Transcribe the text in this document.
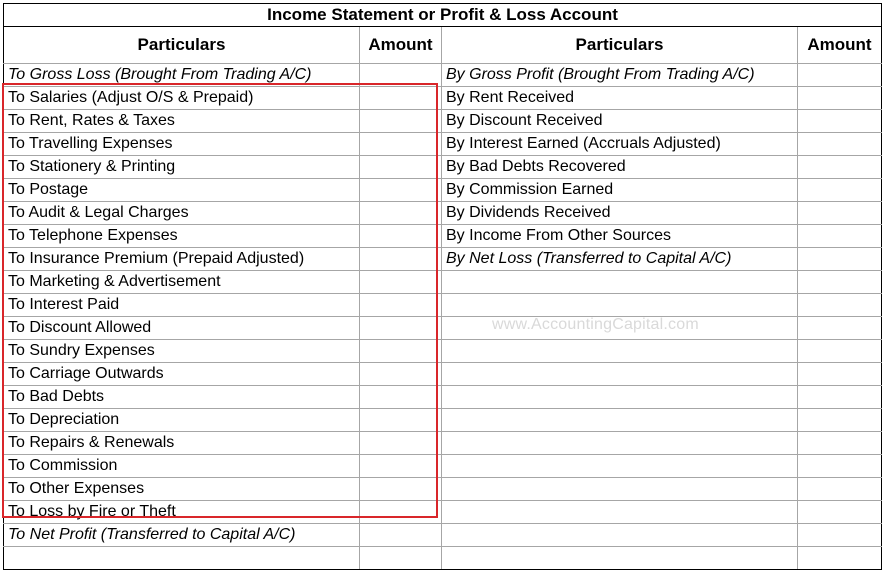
Income Statement or Profit & Loss Account			
Particulars	Amount	Particulars	Amount
To Gross Loss (Brought From Trading A/C)		By Gross Profit (Brought From Trading A/C)	
To Salaries (Adjust O/S & Prepaid)		By Rent Received	
To Rent, Rates & Taxes		By Discount Received	
To Travelling Expenses		By Interest Earned (Accruals Adjusted)	
To Stationery & Printing		By Bad Debts Recovered	
To Postage		By Commission Earned	
To Audit & Legal Charges		By Dividends Received	
To Telephone Expenses		By Income From Other Sources	
To Insurance Premium (Prepaid Adjusted)		By Net Loss (Transferred to Capital A/C)	
To Marketing & Advertisement			
To Interest Paid			
To Discount Allowed			
To Sundry Expenses			
To Carriage Outwards			
To Bad Debts			
To Depreciation			
To Repairs & Renewals			
To Commission			
To Other Expenses			
To Loss by Fire or Theft			
To Net Profit (Transferred to Capital A/C)			

www.AccountingCapital.com
